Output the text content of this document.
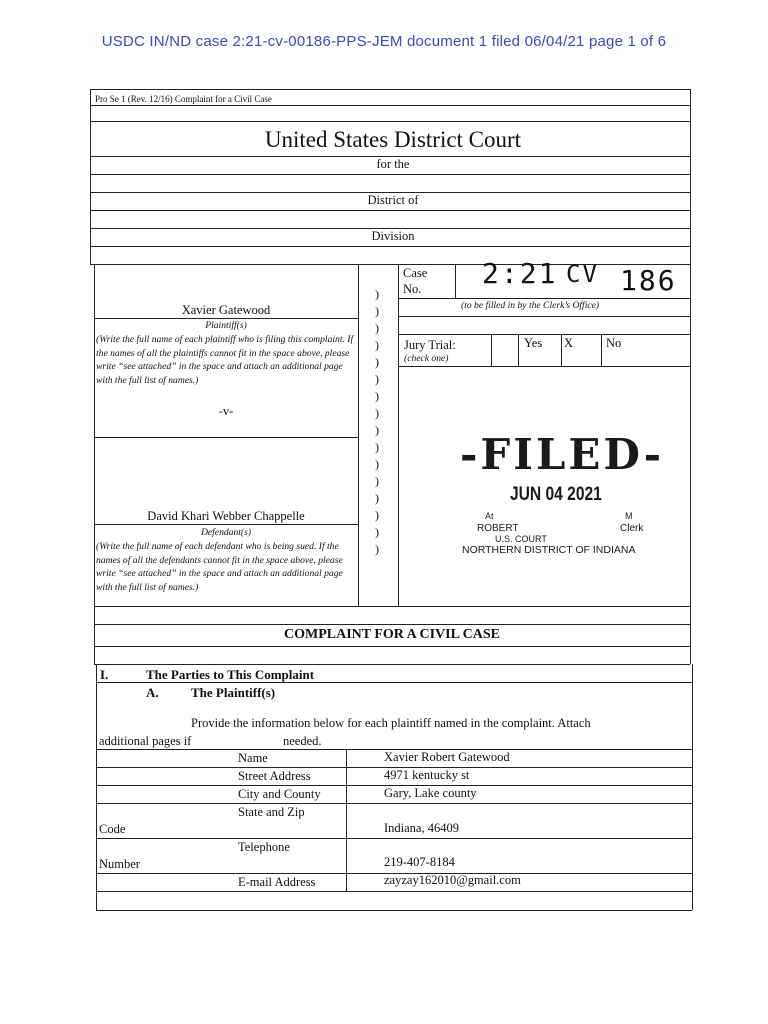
USDC IN/ND case 2:21-cv-00186-PPS-JEM document 1 filed 06/04/21 page 1 of 6
Pro Se 1 (Rev. 12/16) Complaint for a Civil Case
United States District Court
for the
District of
Division
Xavier Gatewood
Plaintiff(s)
(Write the full name of each plaintiff who is filing this complaint. If the names of all the plaintiffs cannot fit in the space above, please write “see attached” in the space and attach an additional page with the full list of names.)
-v-
David Khari Webber Chappelle
Defendant(s)
(Write the full name of each defendant who is being sued. If the names of all the defendants cannot fit in the space above, please write “see attached” in the space and attach an additional page with the full list of names.)
)
)
)
)
)
)
)
)
)
)
)
)
)
)
)
)
Case
No. 2:21 CV 186
(to be filled in by the Clerk’s Office)
Jury Trial:
(check one)
Yes X	No
-FILED-
JUN 04 2021
At	M
ROBERT	Clerk
U.S. COURT
NORTHERN DISTRICT OF INDIANA
COMPLAINT FOR A CIVIL CASE
I.	The Parties to This Complaint
A. The Plaintiff(s)
Provide the information below for each plaintiff named in the complaint. Attach
additional pages if	needed.
Name	Xavier Robert Gatewood
Street Address	4971 kentucky st
City and County	Gary, Lake county
State and Zip
Code	Indiana, 46409
Telephone
Number	219-407-8184
E-mail Address	zayzay162010@gmail.com
